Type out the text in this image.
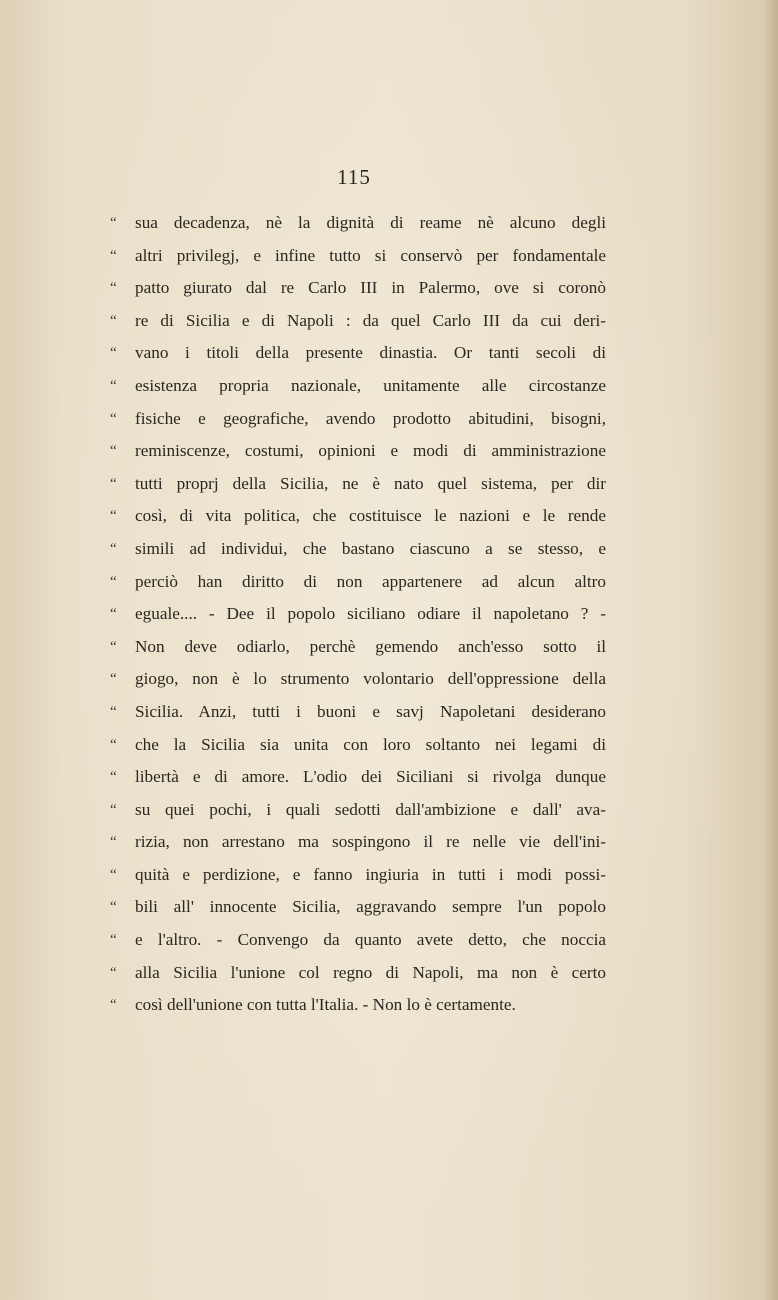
115
“	sua decadenza, nè la dignità di reame nè alcuno degli
“	altri privilegj, e infine tutto si conservò per fondamentale
“	patto giurato dal re Carlo III in Palermo, ove si coronò
“	re di Sicilia e di Napoli : da quel Carlo III da cui deri-
“	vano i titoli della presente dinastia. Or tanti secoli di
“	esistenza propria nazionale, unitamente alle circostanze
“	fisiche e geografiche, avendo prodotto abitudini, bisogni,
“	reminiscenze, costumi, opinioni e modi di amministrazione
“	tutti proprj della Sicilia, ne è nato quel sistema, per dir
“	così, di vita politica, che costituisce le nazioni e le rende
“	simili ad individui, che bastano ciascuno a se stesso, e
“	perciò han diritto di non appartenere ad alcun altro
“	eguale.... - Dee il popolo siciliano odiare il napoletano ? -
“	Non deve odiarlo, perchè gemendo anch'esso sotto il
“	giogo, non è lo strumento volontario dell'oppressione della
“	Sicilia. Anzi, tutti i buoni e savj Napoletani desiderano
“	che la Sicilia sia unita con loro soltanto nei legami di
“	libertà e di amore. L'odio dei Siciliani si rivolga dunque
“	su quei pochi, i quali sedotti dall'ambizione e dall' ava-
“	rizia, non arrestano ma sospingono il re nelle vie dell'ini-
“	quità e perdizione, e fanno ingiuria in tutti i modi possi-
“	bili all' innocente Sicilia, aggravando sempre l'un popolo
“	e l'altro. - Convengo da quanto avete detto, che noccia
“	alla Sicilia l'unione col regno di Napoli, ma non è certo
“	così dell'unione con tutta l'Italia. - Non lo è certamente.
